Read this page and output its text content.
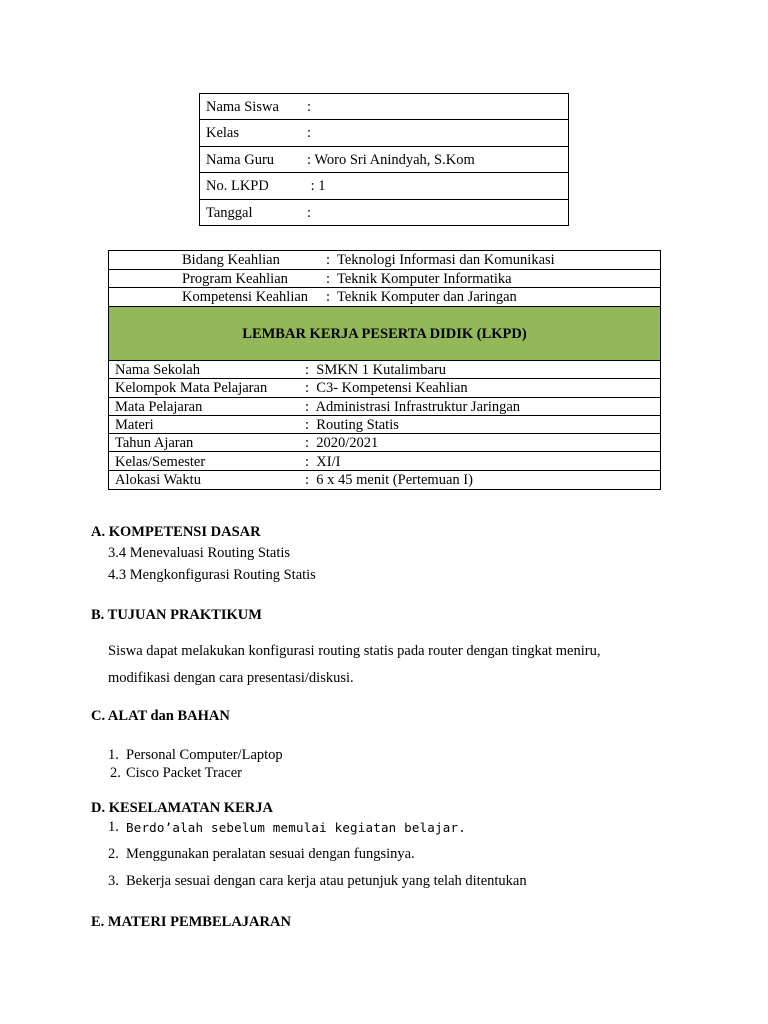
Nama Siswa :
Kelas	:
Nama Guru : Woro Sri Anindyah, S.Kom
No. LKPD	: 1
Tanggal	:
Bidang Keahlian	:  Teknologi Informasi dan Komunikasi
Program Keahlian	:  Teknik Komputer Informatika
Kompetensi Keahlian :  Teknik Komputer dan Jaringan
LEMBAR KERJA PESERTA DIDIK (LKPD)
Nama Sekolah	:  SMKN 1 Kutalimbaru
Kelompok Mata Pelajaran	:  C3- Kompetensi Keahlian
Mata Pelajaran	:  Administrasi Infrastruktur Jaringan
Materi	:  Routing Statis
Tahun Ajaran	:  2020/2021
Kelas/Semester	:  XI/I
Alokasi Waktu	:  6 x 45 menit (Pertemuan I)
A. KOMPETENSI DASAR
3.4 Menevaluasi Routing Statis
4.3 Mengkonfigurasi Routing Statis
B. TUJUAN PRAKTIKUM
Siswa dapat melakukan konfigurasi routing statis pada router dengan tingkat meniru,
modifikasi dengan cara presentasi/diskusi.
C. ALAT dan BAHAN
1. Personal Computer/Laptop
2. Cisco Packet Tracer
D. KESELAMATAN KERJA
1. Berdo’alah sebelum memulai kegiatan belajar.
2. Menggunakan peralatan sesuai dengan fungsinya.
3. Bekerja sesuai dengan cara kerja atau petunjuk yang telah ditentukan
E. MATERI PEMBELAJARAN
